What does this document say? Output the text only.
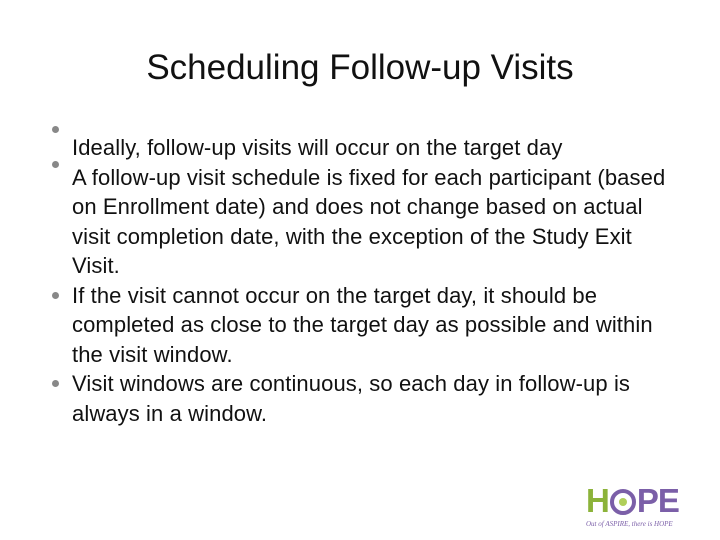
Scheduling Follow-up Visits
Ideally, follow-up visits will occur on the target day
A follow-up visit schedule is fixed for each participant (based on Enrollment date) and does not change based on actual visit completion date, with the exception of the Study Exit Visit.
If the visit cannot occur on the target day, it should be completed as close to the target day as possible and within the visit window.
Visit windows are continuous, so each day in follow-up is always in a window.
H PE
Out of ASPIRE, there is HOPE
